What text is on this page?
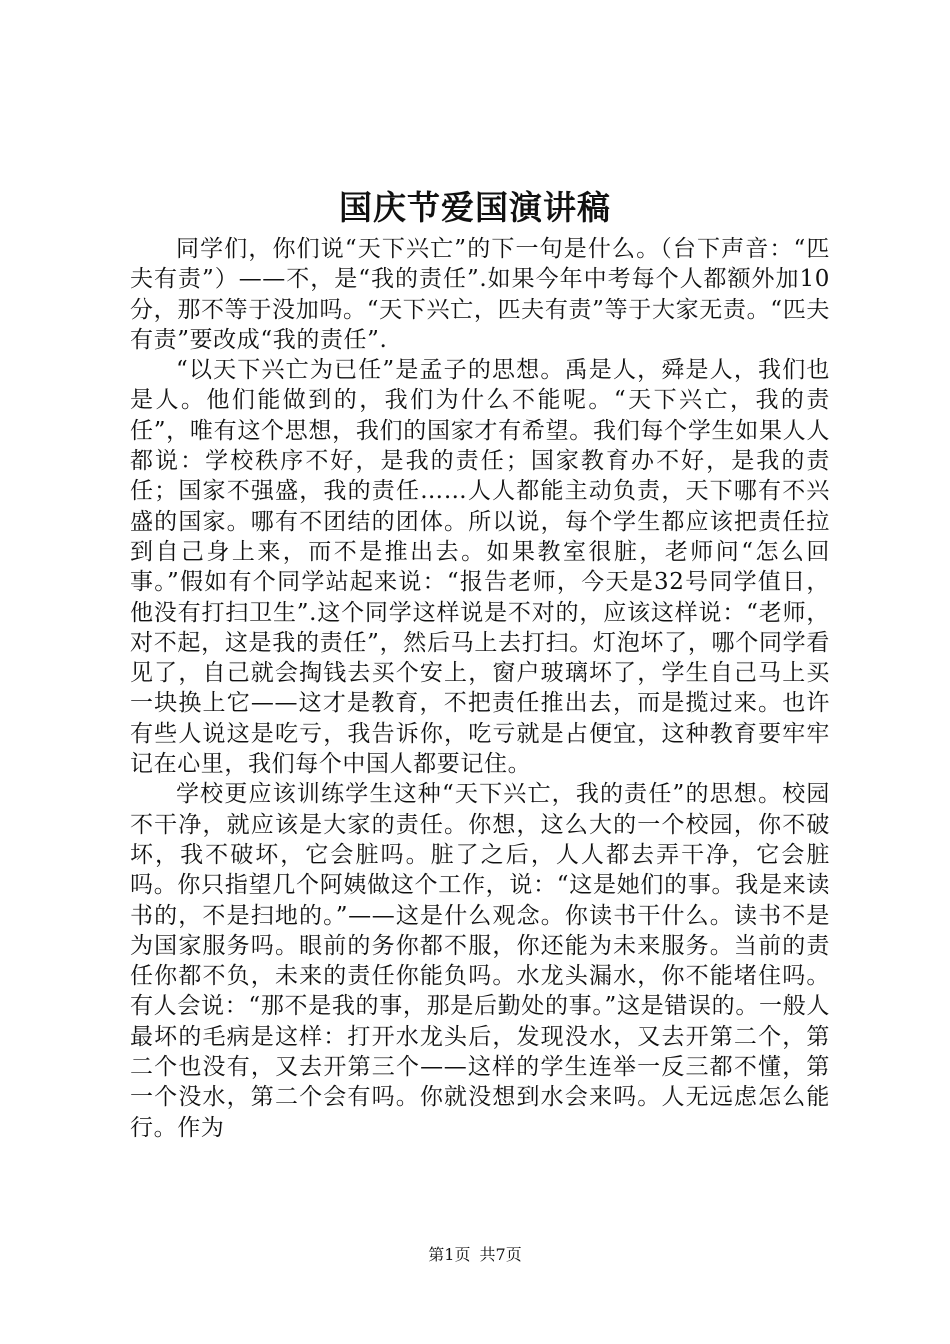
国庆节爱国演讲稿

同学们，你们说“天下兴亡”的下一句是什么。（台下声音：“匹夫有责”）——不，是“我的责任”.如果今年中考每个人都额外加10分，那不等于没加吗。“天下兴亡，匹夫有责”等于大家无责。“匹夫有责”要改成“我的责任”.

“以天下兴亡为已任”是孟子的思想。禹是人，舜是人，我们也是人。他们能做到的，我们为什么不能呢。“天下兴亡，我的责任”，唯有这个思想，我们的国家才有希望。我们每个学生如果人人都说：学校秩序不好，是我的责任；国家教育办不好，是我的责任；国家不强盛，我的责任……人人都能主动负责，天下哪有不兴盛的国家。哪有不团结的团体。所以说，每个学生都应该把责任拉到自己身上来，而不是推出去。如果教室很脏，老师问“怎么回事。”假如有个同学站起来说：“报告老师，今天是32号同学值日，他没有打扫卫生”.这个同学这样说是不对的，应该这样说：“老师，对不起，这是我的责任”，然后马上去打扫。灯泡坏了，哪个同学看见了，自己就会掏钱去买个安上，窗户玻璃坏了，学生自己马上买一块换上它——这才是教育，不把责任推出去，而是揽过来。也许有些人说这是吃亏，我告诉你，吃亏就是占便宜，这种教育要牢牢记在心里，我们每个中国人都要记住。

学校更应该训练学生这种“天下兴亡，我的责任”的思想。校园不干净，就应该是大家的责任。你想，这么大的一个校园，你不破坏，我不破坏，它会脏吗。脏了之后，人人都去弄干净，它会脏吗。你只指望几个阿姨做这个工作，说：“这是她们的事。我是来读书的，不是扫地的。”——这是什么观念。你读书干什么。读书不是为国家服务吗。眼前的务你都不服，你还能为未来服务。当前的责任你都不负，未来的责任你能负吗。水龙头漏水，你不能堵住吗。有人会说：“那不是我的事，那是后勤处的事。”这是错误的。一般人最坏的毛病是这样：打开水龙头后，发现没水，又去开第二个，第二个也没有，又去开第三个——这样的学生连举一反三都不懂，第一个没水，第二个会有吗。你就没想到水会来吗。人无远虑怎么能行。作为

第1页 共7页
